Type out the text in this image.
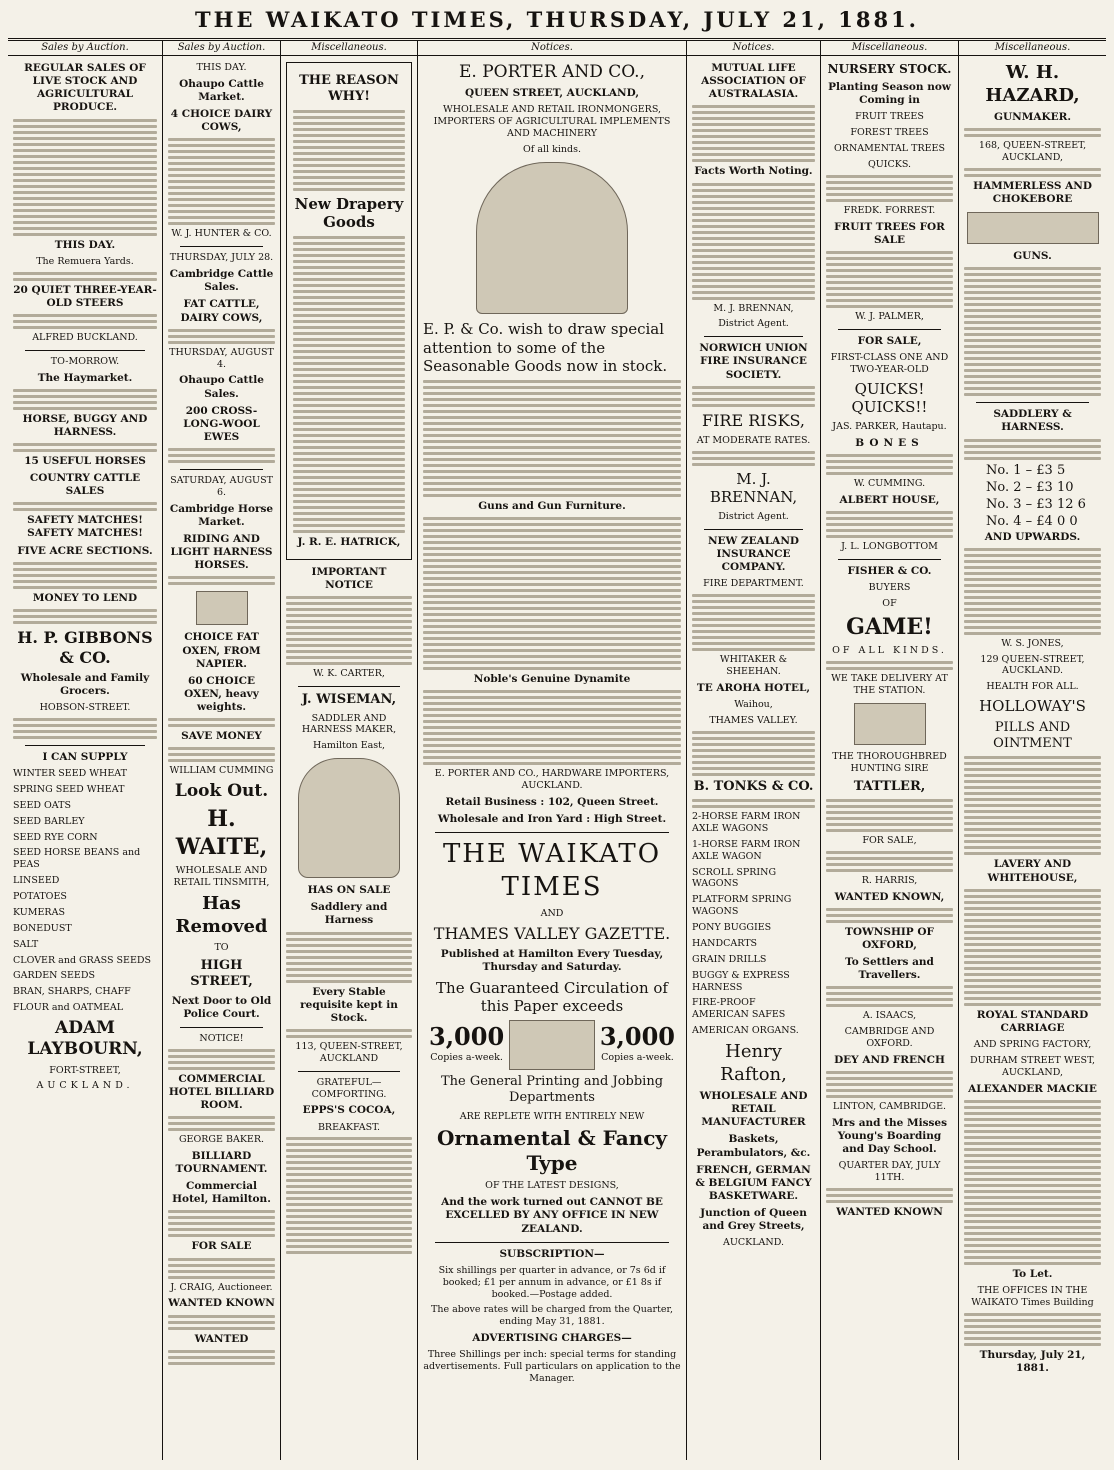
THE WAIKATO TIMES, THURSDAY, JULY 21, 1881.
Sales by Auction.
REGULAR SALES OF LIVE STOCK AND AGRICULTURAL PRODUCE.
THIS DAY.
The Remuera Yards.
20 QUIET THREE-YEAR-OLD STEERS
ALFRED BUCKLAND.
TO-MORROW.
The Haymarket.
HORSE, BUGGY AND HARNESS.
15 USEFUL HORSES
COUNTRY CATTLE SALES
SAFETY MATCHES! SAFETY MATCHES!
FIVE ACRE SECTIONS.
MONEY TO LEND
H. P. GIBBONS & CO.
Wholesale and Family Grocers.
HOBSON-STREET.
I CAN SUPPLY
WINTER SEED WHEAT
SPRING SEED WHEAT
SEED OATS
SEED BARLEY
SEED RYE CORN
SEED HORSE BEANS and PEAS
LINSEED
POTATOES
KUMERAS
BONEDUST
SALT
CLOVER and GRASS SEEDS
GARDEN SEEDS
BRAN, SHARPS, CHAFF
FLOUR and OATMEAL
ADAM LAYBOURN,
FORT-STREET,
AUCKLAND.
Sales by Auction.
THIS DAY.
Ohaupo Cattle Market.
4 CHOICE DAIRY COWS,
W. J. HUNTER & CO.
THURSDAY, JULY 28.
Cambridge Cattle Sales.
FAT CATTLE, DAIRY COWS,
THURSDAY, AUGUST 4.
Ohaupo Cattle Sales.
200 CROSS-LONG-WOOL EWES
SATURDAY, AUGUST 6.
Cambridge Horse Market.
RIDING AND LIGHT HARNESS HORSES.
CHOICE FAT OXEN, FROM NAPIER.
60 CHOICE OXEN, heavy weights.
SAVE MONEY
WILLIAM CUMMING
Look Out.
H. WAITE,
WHOLESALE AND RETAIL TINSMITH,
Has Removed
TO
HIGH STREET,
Next Door to Old Police Court.
NOTICE!
COMMERCIAL HOTEL BILLIARD ROOM.
GEORGE BAKER.
BILLIARD TOURNAMENT.
Commercial Hotel, Hamilton.
FOR SALE
J. CRAIG, Auctioneer.
WANTED KNOWN
WANTED
Miscellaneous.
THE REASON WHY!
New Drapery Goods
J. R. E. HATRICK,
IMPORTANT NOTICE
W. K. CARTER,
J. WISEMAN,
SADDLER AND HARNESS MAKER,
Hamilton East,
HAS ON SALE
Saddlery and Harness
Every Stable requisite kept in Stock.
113, QUEEN-STREET, AUCKLAND
GRATEFUL—COMFORTING.
EPPS'S COCOA,
BREAKFAST.
Notices.
E. PORTER AND CO.,
QUEEN STREET, AUCKLAND,
WHOLESALE AND RETAIL IRONMONGERS, IMPORTERS OF AGRICULTURAL IMPLEMENTS AND MACHINERY
Of all kinds.
E. P. & Co. wish to draw special attention to some of the Seasonable Goods now in stock.
Guns and Gun Furniture.
Noble's Genuine Dynamite
E. PORTER AND CO., HARDWARE IMPORTERS, AUCKLAND.
Retail Business : 102, Queen Street.
Wholesale and Iron Yard : High Street.
THE WAIKATO TIMES
AND
THAMES VALLEY GAZETTE.
Published at Hamilton Every Tuesday, Thursday and Saturday.
The Guaranteed Circulation of this Paper exceeds
3,000
Copies a-week.
3,000
Copies a-week.
The General Printing and Jobbing Departments
ARE REPLETE WITH ENTIRELY NEW
Ornamental & Fancy Type
OF THE LATEST DESIGNS,
And the work turned out CANNOT BE EXCELLED BY ANY OFFICE IN NEW ZEALAND.
SUBSCRIPTION—
Six shillings per quarter in advance, or 7s 6d if booked; £1 per annum in advance, or £1 8s if booked.—Postage added.
The above rates will be charged from the Quarter, ending May 31, 1881.
ADVERTISING CHARGES—
Three Shillings per inch: special terms for standing advertisements. Full particulars on application to the Manager.
Notices.
MUTUAL LIFE ASSOCIATION OF AUSTRALASIA.
Facts Worth Noting.
M. J. BRENNAN,
District Agent.
NORWICH UNION FIRE INSURANCE SOCIETY.
FIRE RISKS,
AT MODERATE RATES.
M. J. BRENNAN,
District Agent.
NEW ZEALAND INSURANCE COMPANY.
FIRE DEPARTMENT.
WHITAKER & SHEEHAN.
TE AROHA HOTEL,
Waihou,
THAMES VALLEY.
B. TONKS & CO.
2-HORSE FARM IRON AXLE WAGONS
1-HORSE FARM IRON AXLE WAGON
SCROLL SPRING WAGONS
PLATFORM SPRING WAGONS
PONY BUGGIES
HANDCARTS
GRAIN DRILLS
BUGGY & EXPRESS HARNESS
FIRE-PROOF AMERICAN SAFES
AMERICAN ORGANS.
Henry Rafton,
WHOLESALE AND RETAIL MANUFACTURER
Baskets, Perambulators, &c.
FRENCH, GERMAN & BELGIUM FANCY BASKETWARE.
Junction of Queen and Grey Streets,
AUCKLAND.
Miscellaneous.
NURSERY STOCK.
Planting Season now Coming in
FRUIT TREES
FOREST TREES
ORNAMENTAL TREES
QUICKS.
FREDK. FORREST.
FRUIT TREES FOR SALE
W. J. PALMER,
FOR SALE,
FIRST-CLASS ONE AND TWO-YEAR-OLD
QUICKS! QUICKS!!
JAS. PARKER, Hautapu.
BONES
W. CUMMING.
ALBERT HOUSE,
J. L. LONGBOTTOM
FISHER & CO.
BUYERS
OF
GAME!
OF ALL KINDS.
WE TAKE DELIVERY AT THE STATION.
THE THOROUGHBRED HUNTING SIRE
TATTLER,
FOR SALE,
R. HARRIS,
WANTED KNOWN,
TOWNSHIP OF OXFORD,
To Settlers and Travellers.
A. ISAACS,
CAMBRIDGE AND OXFORD.
DEY AND FRENCH
LINTON, CAMBRIDGE.
Mrs and the Misses Young's Boarding and Day School.
QUARTER DAY, JULY 11TH.
WANTED KNOWN
Miscellaneous.
W. H. HAZARD,
GUNMAKER.
168, QUEEN-STREET, AUCKLAND,
HAMMERLESS AND CHOKEBORE
GUNS.
SADDLERY & HARNESS.
No. 1 – £3 5
No. 2 – £3 10
No. 3 – £3 12 6
No. 4 – £4 0 0
AND UPWARDS.
W. S. JONES,
129 QUEEN-STREET, AUCKLAND.
HEALTH FOR ALL.
HOLLOWAY'S
PILLS AND OINTMENT
LAVERY AND WHITEHOUSE,
ROYAL STANDARD CARRIAGE
AND SPRING FACTORY,
DURHAM STREET WEST, AUCKLAND,
ALEXANDER MACKIE
To Let.
THE OFFICES IN THE WAIKATO Times Building
Thursday, July 21, 1881.
